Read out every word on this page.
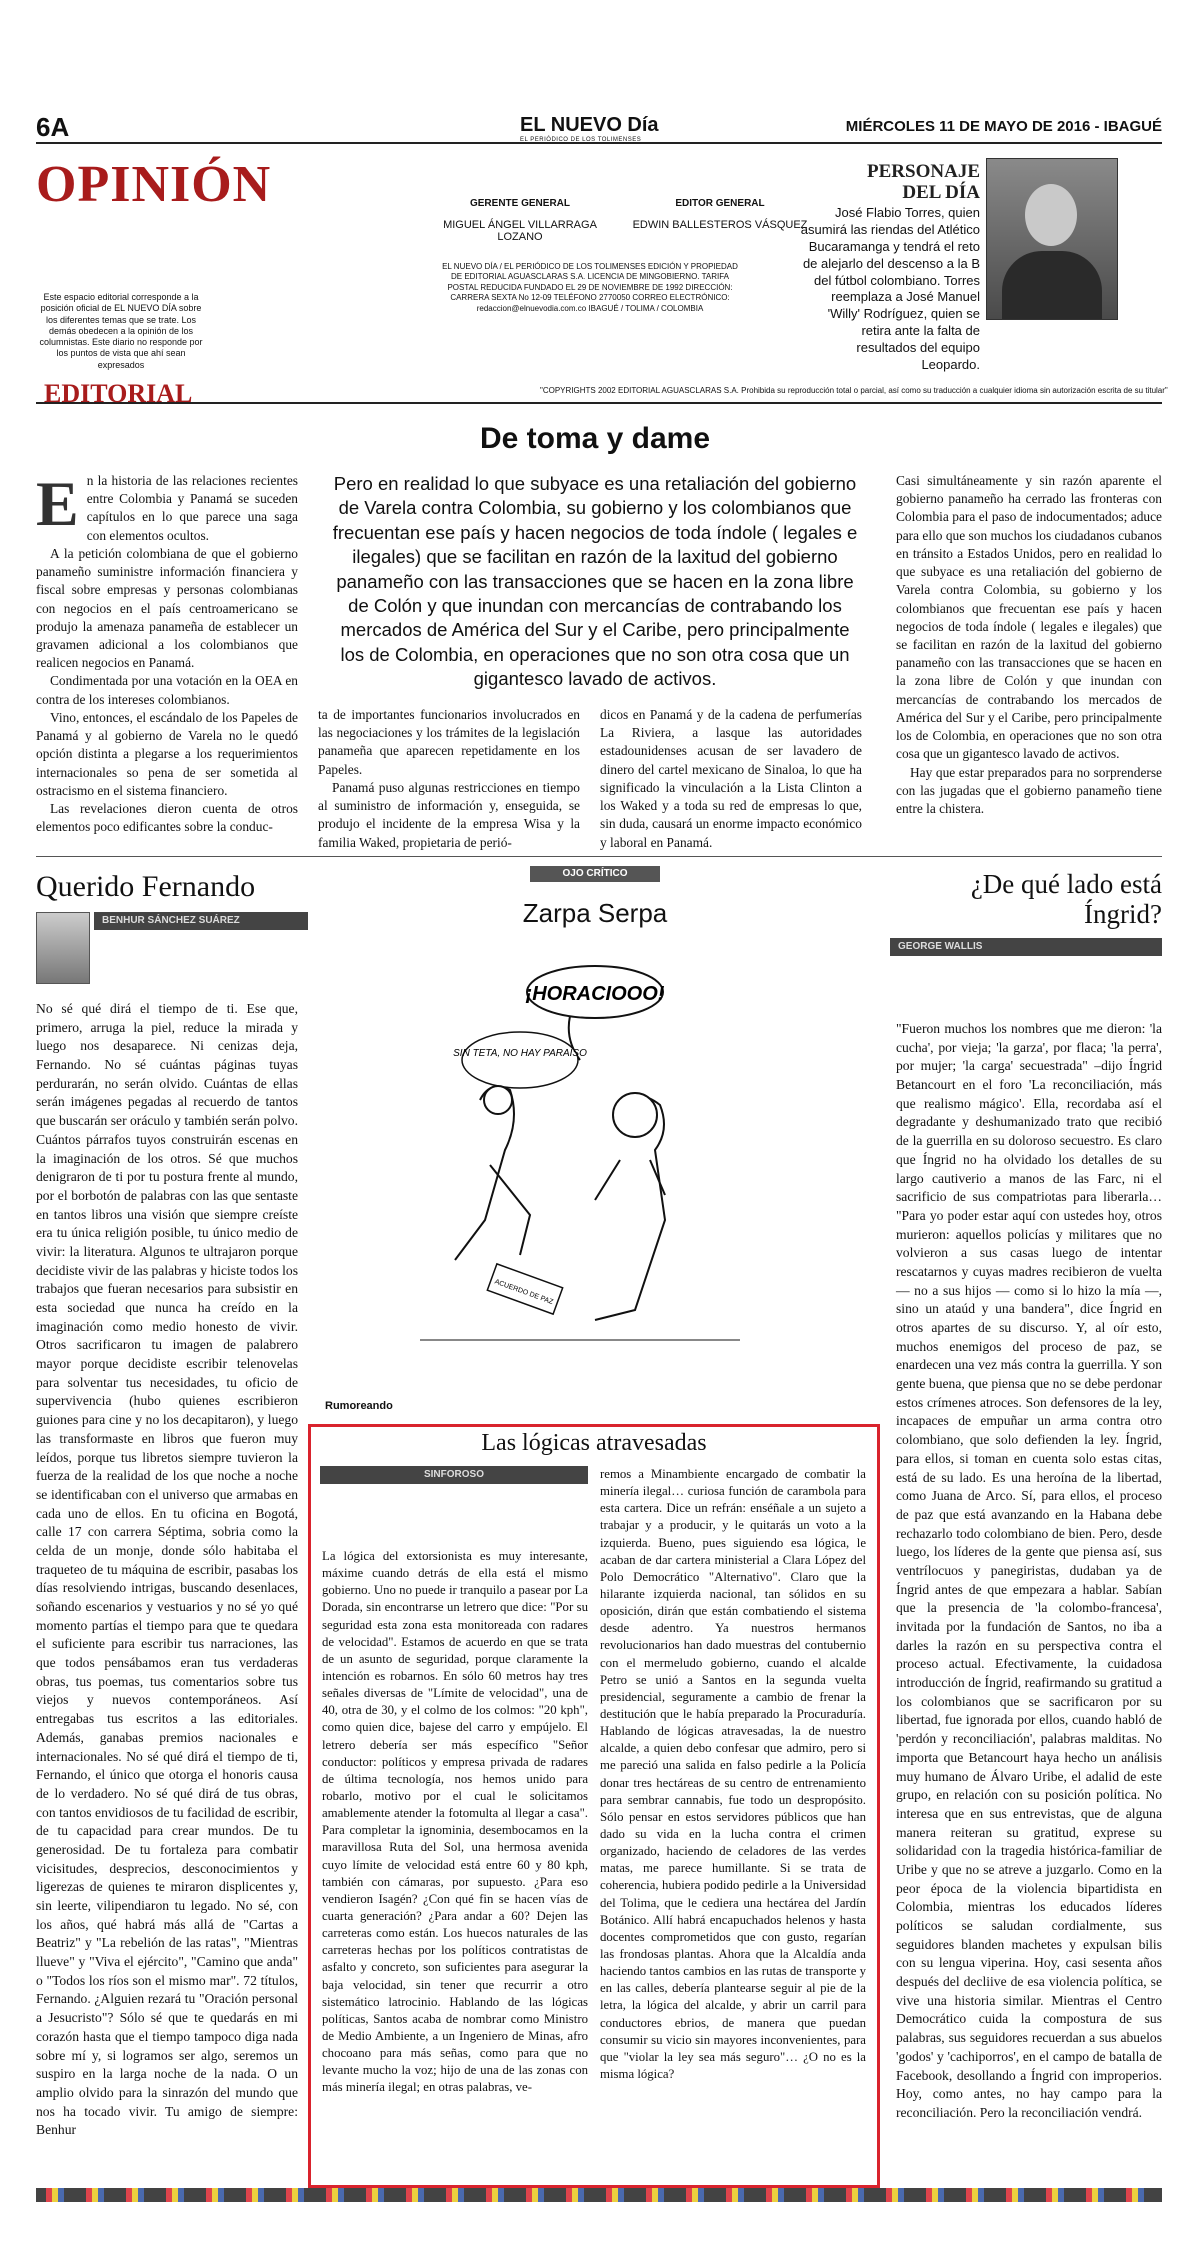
6A	EL NUEVO Día
EL PERIÓDICO DE LOS TOLIMENSES
MIÉRCOLES 11 DE MAYO DE 2016 - IBAGUÉ
OPINIÓN
Este espacio editorial corresponde a la posición oficial de EL NUEVO DÍA sobre los diferentes temas que se trate. Los demás obedecen a la opinión de los columnistas. Este diario no responde por los puntos de vista que ahí sean expresados
GERENTE GENERAL
MIGUEL ÁNGEL VILLARRAGA LOZANO
EDITOR GENERAL
EDWIN BALLESTEROS VÁSQUEZ
EL NUEVO DÍA / EL PERIÓDICO DE LOS TOLIMENSES EDICIÓN Y PROPIEDAD DE EDITORIAL AGUASCLARAS S.A. LICENCIA DE MINGOBIERNO. TARIFA POSTAL REDUCIDA FUNDADO EL 29 DE NOVIEMBRE DE 1992 DIRECCIÓN: CARRERA SEXTA No 12-09 TELÉFONO 2770050 CORREO ELECTRÓNICO: redaccion@elnuevodia.com.co IBAGUÉ / TOLIMA / COLOMBIA
PERSONAJE
DEL DÍA
José Flabio Torres, quien asumirá las riendas del Atlético Bucaramanga y tendrá el reto de alejarlo del descenso a la B del fútbol colombiano. Torres reemplaza a José Manuel 'Willy' Rodríguez, quien se retira ante la falta de resultados del equipo Leopardo.
EDITORIAL	"COPYRIGHTS 2002 EDITORIAL AGUASCLARAS S.A. Prohibida su reproducción total o parcial, así como su traducción a cualquier idioma sin autorización escrita de su titular"
De toma y dame
Pero en realidad lo que subyace es una retaliación del gobierno de Varela contra Colombia, su gobierno y los colombianos que frecuentan ese país y hacen negocios de toda índole ( legales e ilegales) que se facilitan en razón de la laxitud del gobierno panameño con las transacciones que se hacen en la zona libre de Colón y que inundan con mercancías de contrabando los mercados de América del Sur y el Caribe, pero principalmente los de Colombia, en operaciones que no son otra cosa que un gigantesco lavado de activos.

En la historia de las relaciones recientes entre Colombia y Panamá se suceden capítulos en lo que parece una saga con elementos ocultos.

A la petición colombiana de que el gobierno panameño suministre información financiera y fiscal sobre empresas y personas colombianas con negocios en el país centroamericano se produjo la amenaza panameña de establecer un gravamen adicional a los colombianos que realicen negocios en Panamá.

Condimentada por una votación en la OEA en contra de los intereses colombianos.

Vino, entonces, el escándalo de los Papeles de Panamá y al gobierno de Varela no le quedó opción distinta a plegarse a los requerimientos internacionales so pena de ser sometida al ostracismo en el sistema financiero.

Las revelaciones dieron cuenta de otros elementos poco edificantes sobre la conduc-

ta de importantes funcionarios involucrados en las negociaciones y los trámites de la legislación panameña que aparecen repetidamente en los Papeles.

Panamá puso algunas restricciones en tiempo al suministro de información y, enseguida, se produjo el incidente de la empresa Wisa y la familia Waked, propietaria de perió-

dicos en Panamá y de la cadena de perfumerías La Riviera, a lasque las autoridades estadounidenses acusan de ser lavadero de dinero del cartel mexicano de Sinaloa, lo que ha significado la vinculación a la Lista Clinton a los Waked y a toda su red de empresas lo que, sin duda, causará un enorme impacto económico y laboral en Panamá.

Casi simultáneamente y sin razón aparente el gobierno panameño ha cerrado las fronteras con Colombia para el paso de indocumentados; aduce para ello que son muchos los ciudadanos cubanos en tránsito a Estados Unidos, pero en realidad lo que subyace es una retaliación del gobierno de Varela contra Colombia, su gobierno y los colombianos que frecuentan ese país y hacen negocios de toda índole ( legales e ilegales) que se facilitan en razón de la laxitud del gobierno panameño con las transacciones que se hacen en la zona libre de Colón y que inundan con mercancías de contrabando los mercados de América del Sur y el Caribe, pero principalmente los de Colombia, en operaciones que no son otra cosa que un gigantesco lavado de activos.

Hay que estar preparados para no sorprenderse con las jugadas que el gobierno panameño tiene entre la chistera.

OJO CRÍTICO
Zarpa Serpa
¡HORACIOOO!
SIN TETA, NO HAY PARAÍSO
ACUERDO DE PAZ
Querido Fernando
BENHUR SÁNCHEZ SUÁREZ
No sé qué dirá el tiempo de ti. Ese que, primero, arruga la piel, reduce la mirada y luego nos desaparece. Ni cenizas deja, Fernando. No sé cuántas páginas tuyas perdurarán, no serán olvido. Cuántas de ellas serán imágenes pegadas al recuerdo de tantos que buscarán ser oráculo y también serán polvo. Cuántos párrafos tuyos construirán escenas en la imaginación de los otros. Sé que muchos denigraron de ti por tu postura frente al mundo, por el borbotón de palabras con las que sentaste en tantos libros una visión que siempre creíste era tu única religión posible, tu único medio de vivir: la literatura. Algunos te ultrajaron porque decidiste vivir de las palabras y hiciste todos los trabajos que fueran necesarios para subsistir en esta sociedad que nunca ha creído en la imaginación como medio honesto de vivir. Otros sacrificaron tu imagen de palabrero mayor porque decidiste escribir telenovelas para solventar tus necesidades, tu oficio de supervivencia (hubo quienes escribieron guiones para cine y no los decapitaron), y luego las transformaste en libros que fueron muy leídos, porque tus libretos siempre tuvieron la fuerza de la realidad de los que noche a noche se identificaban con el universo que armabas en cada uno de ellos. En tu oficina en Bogotá, calle 17 con carrera Séptima, sobria como la celda de un monje, donde sólo habitaba el traqueteo de tu máquina de escribir, pasabas los días resolviendo intrigas, buscando desenlaces, soñando escenarios y vestuarios y no sé yo qué momento partías el tiempo para que te quedara el suficiente para escribir tus narraciones, las que todos pensábamos eran tus verdaderas obras, tus poemas, tus comentarios sobre tus viejos y nuevos contemporáneos. Así entregabas tus escritos a las editoriales. Además, ganabas premios nacionales e internacionales. No sé qué dirá el tiempo de ti, Fernando, el único que otorga el honoris causa de lo verdadero. No sé qué dirá de tus obras, con tantos envidiosos de tu facilidad de escribir, de tu capacidad para crear mundos. De tu generosidad. De tu fortaleza para combatir vicisitudes, desprecios, desconocimientos y ligerezas de quienes te miraron displicentes y, sin leerte, vilipendiaron tu legado. No sé, con los años, qué habrá más allá de "Cartas a Beatriz" y "La rebelión de las ratas", "Mientras llueve" y "Viva el ejército", "Camino que anda" o "Todos los ríos son el mismo mar". 72 títulos, Fernando. ¿Alguien rezará tu "Oración personal a Jesucristo"? Sólo sé que te quedarás en mi corazón hasta que el tiempo tampoco diga nada sobre mí y, si logramos ser algo, seremos un suspiro en la larga noche de la nada. O un amplio olvido para la sinrazón del mundo que nos ha tocado vivir. Tu amigo de siempre: Benhur
¿De qué lado está Íngrid?
GEORGE WALLIS
"Fueron muchos los nombres que me dieron: 'la cucha', por vieja; 'la garza', por flaca; 'la perra', por mujer; 'la carga' secuestrada" –dijo Íngrid Betancourt en el foro 'La reconciliación, más que realismo mágico'. Ella, recordaba así el degradante y deshumanizado trato que recibió de la guerrilla en su doloroso secuestro. Es claro que Íngrid no ha olvidado los detalles de su largo cautiverio a manos de las Farc, ni el sacrificio de sus compatriotas para liberarla… "Para yo poder estar aquí con ustedes hoy, otros murieron: aquellos policías y militares que no volvieron a sus casas luego de intentar rescatarnos y cuyas madres recibieron de vuelta — no a sus hijos — como si lo hizo la mía —, sino un ataúd y una bandera", dice Íngrid en otros apartes de su discurso. Y, al oír esto, muchos enemigos del proceso de paz, se enardecen una vez más contra la guerrilla. Y son gente buena, que piensa que no se debe perdonar estos crímenes atroces. Son defensores de la ley, incapaces de empuñar un arma contra otro colombiano, que solo defienden la ley. Íngrid, para ellos, si toman en cuenta solo estas citas, está de su lado. Es una heroína de la libertad, como Juana de Arco. Sí, para ellos, el proceso de paz que está avanzando en la Habana debe rechazarlo todo colombiano de bien. Pero, desde luego, los líderes de la gente que piensa así, sus ventrílocuos y panegiristas, dudaban ya de Íngrid antes de que empezara a hablar. Sabían que la presencia de 'la colombo-francesa', invitada por la fundación de Santos, no iba a darles la razón en su perspectiva contra el proceso actual. Efectivamente, la cuidadosa introducción de Íngrid, reafirmando su gratitud a los colombianos que se sacrificaron por su libertad, fue ignorada por ellos, cuando habló de 'perdón y reconciliación', palabras malditas. No importa que Betancourt haya hecho un análisis muy humano de Álvaro Uribe, el adalid de este grupo, en relación con su posición política. No interesa que en sus entrevistas, que de alguna manera reiteran su gratitud, exprese su solidaridad con la tragedia histórica-familiar de Uribe y que no se atreve a juzgarlo. Como en la peor época de la violencia bipartidista en Colombia, mientras los educados líderes políticos se saludan cordialmente, sus seguidores blanden machetes y expulsan bilis con su lengua viperina. Hoy, casi sesenta años después del decliive de esa violencia política, se vive una historia similar. Mientras el Centro Democrático cuida la compostura de sus palabras, sus seguidores recuerdan a sus abuelos 'godos' y 'cachiporros', en el campo de batalla de Facebook, desollando a Íngrid con improperios. Hoy, como antes, no hay campo para la reconciliación. Pero la reconciliación vendrá.
Rumoreando
Las lógicas atravesadas
SINFOROSO
La lógica del extorsionista es muy interesante, máxime cuando detrás de ella está el mismo gobierno. Uno no puede ir tranquilo a pasear por La Dorada, sin encontrarse un letrero que dice: "Por su seguridad esta zona esta monitoreada con radares de velocidad". Estamos de acuerdo en que se trata de un asunto de seguridad, porque claramente la intención es robarnos. En sólo 60 metros hay tres señales diversas de "Límite de velocidad", una de 40, otra de 30, y el colmo de los colmos: "20 kph", como quien dice, bajese del carro y empújelo. El letrero debería ser más específico "Señor conductor: políticos y empresa privada de radares de última tecnología, nos hemos unido para robarlo, motivo por el cual le solicitamos amablemente atender la fotomulta al llegar a casa". Para completar la ignominia, desembocamos en la maravillosa Ruta del Sol, una hermosa avenida cuyo límite de velocidad está entre 60 y 80 kph, también con cámaras, por supuesto. ¿Para eso vendieron Isagén? ¿Con qué fin se hacen vías de cuarta generación? ¿Para andar a 60? Dejen las carreteras como están. Los huecos naturales de las carreteras hechas por los políticos contratistas de asfalto y concreto, son suficientes para asegurar la baja velocidad, sin tener que recurrir a otro sistemático latrocinio. Hablando de las lógicas políticas, Santos acaba de nombrar como Ministro de Medio Ambiente, a un Ingeniero de Minas, afro chocoano para más señas, como para que no levante mucho la voz; hijo de una de las zonas con más minería ilegal; en otras palabras, ve-
remos a Minambiente encargado de combatir la minería ilegal… curiosa función de carambola para esta cartera. Dice un refrán: enséñale a un sujeto a trabajar y a producir, y le quitarás un voto a la izquierda. Bueno, pues siguiendo esa lógica, le acaban de dar cartera ministerial a Clara López del Polo Democrático "Alternativo". Claro que la hilarante izquierda nacional, tan sólidos en su oposición, dirán que están combatiendo el sistema desde adentro. Ya nuestros hermanos revolucionarios han dado muestras del contubernio con el mermeludo gobierno, cuando el alcalde Petro se unió a Santos en la segunda vuelta presidencial, seguramente a cambio de frenar la destitución que le había preparado la Procuraduría. Hablando de lógicas atravesadas, la de nuestro alcalde, a quien debo confesar que admiro, pero si me pareció una salida en falso pedirle a la Policía donar tres hectáreas de su centro de entrenamiento para sembrar cannabis, fue todo un despropósito. Sólo pensar en estos servidores públicos que han dado su vida en la lucha contra el crimen organizado, haciendo de celadores de las verdes matas, me parece humillante. Si se trata de coherencia, hubiera podido pedirle a la Universidad del Tolima, que le cediera una hectárea del Jardín Botánico. Allí habrá encapuchados helenos y hasta docentes comprometidos que con gusto, regarían las frondosas plantas. Ahora que la Alcaldía anda haciendo tantos cambios en las rutas de transporte y en las calles, debería plantearse seguir al pie de la letra, la lógica del alcalde, y abrir un carril para conductores ebrios, de manera que puedan consumir su vicio sin mayores inconvenientes, para que "violar la ley sea más seguro"… ¿O no es la misma lógica?
